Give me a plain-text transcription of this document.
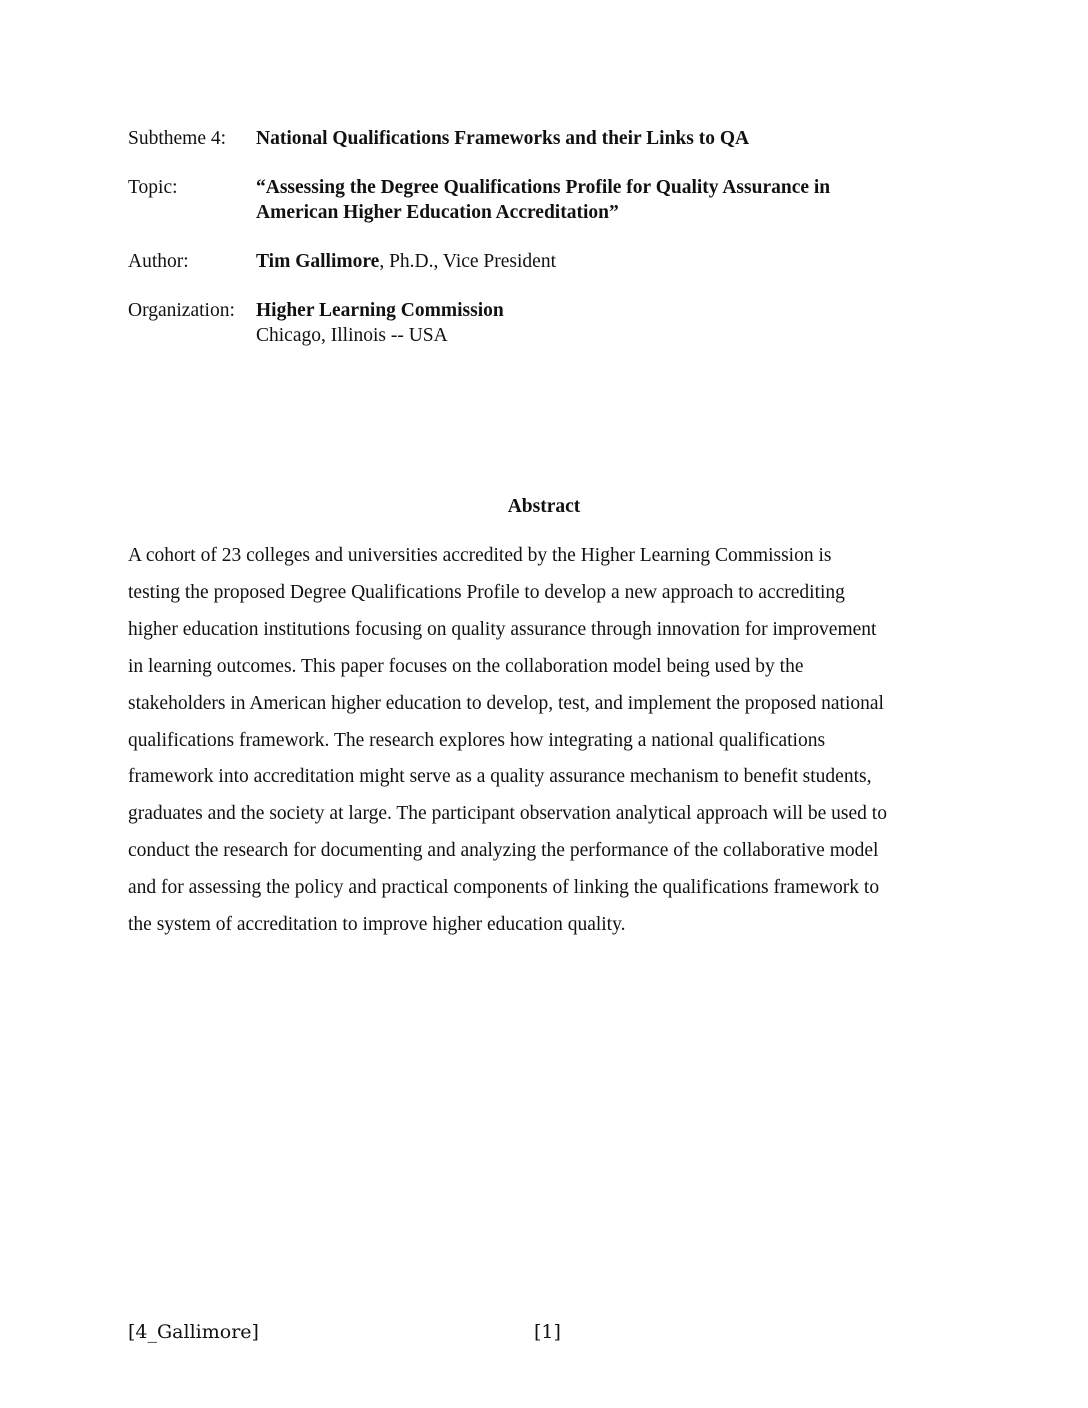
Subtheme 4:	National Qualifications Frameworks and their Links to QA
Topic:	“Assessing the Degree Qualifications Profile for Quality Assurance in
American Higher Education Accreditation”
Author:	Tim Gallimore, Ph.D., Vice President
Organization:	Higher Learning Commission
Chicago, Illinois -- USA
Abstract
A cohort of 23 colleges and universities accredited by the Higher Learning Commission is
testing the proposed Degree Qualifications Profile to develop a new approach to accrediting
higher education institutions focusing on quality assurance through innovation for improvement
in learning outcomes. This paper focuses on the collaboration model being used by the
stakeholders in American higher education to develop, test, and implement the proposed national
qualifications framework. The research explores how integrating a national qualifications
framework into accreditation might serve as a quality assurance mechanism to benefit students,
graduates and the society at large. The participant observation analytical approach will be used to
conduct the research for documenting and analyzing the performance of the collaborative model
and for assessing the policy and practical components of linking the qualifications framework to
the system of accreditation to improve higher education quality.
[4_Gallimore]	[1]
